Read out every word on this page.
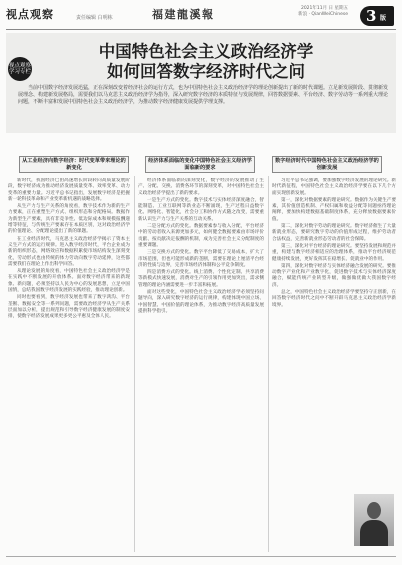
视点观察	责任编辑 白明栋	福建龍溪報	2021年11月 日 星期五
新浪 · QianWeiChinese 3 版
视点观察 学习专栏
中国特色社会主义政治经济学
如何回答数字经济时代之问
当前中国数字经济发展迅猛，正在深刻改变着经济社会的运行方式，也为中国特色社会主义政治经济学的理论创新提出了新的时代课题。立足新发展阶段、贯彻新发展理念、构建新发展格局，需要我们以马克思主义政治经济学为指导，深入研究数字经济的本质特征与发展规律，回答数据要素、平台经济、数字劳动等一系列重大理论问题，不断丰富和发展中国特色社会主义政治经济学，为推动数字经济健康发展提供学理支撑。
从工业经济向数字经济：时代变革带来理论的新变化
经济体系面临的变化中国特色社会主义经济学面临新的要求
数字经济时代中国特色社会主义政治经济学的创新发展

新时代，我国经济已由高速增长阶段转向高质量发展阶段，数字经济成为推动经济发展质量变革、效率变革、动力变革的重要力量。习近平总书记指出，发展数字经济是把握新一轮科技革命和产业变革新机遇的战略选择。

从生产力与生产关系的角度看，数字技术作为新的生产力要素，正在重塑生产方式、组织形态和分配格局。数据作为新型生产要素，具有非竞争性、低边际成本和规模报酬递增等特征，与传统生产要素存在本质区别，这对政治经济学的价值理论、分配理论提出了新的课题。

在工业经济时代，马克思主义政治经济学揭示了资本主义生产方式的运行规律。进入数字经济时代，平台企业成为新的组织形态，网络效应和数据积累使市场结构发生深刻变化，劳动形式也由传统的体力劳动向数字劳动延伸，这些都需要我们在理论上作出科学回答。

从理论发展的角度看，中国特色社会主义政治经济学是在实践中不断发展的开放体系。面对数字经济带来的新现象、新问题，必须坚持以人民为中心的发展思想，立足中国国情，总结我国数字经济发展的实践经验，推动理论创新。

同时也要看到，数字经济发展也带来了数字鸿沟、平台垄断、数据安全等一系列问题，需要政治经济学从生产关系层面加以分析，提出规范和引导数字经济健康发展的制度安排，使数字经济发展成果更多更公平惠及全体人民。

经济体系面临新的深刻变化，数字经济的发展推动了生产、分配、交换、消费各环节的深刻变革，对中国特色社会主义政治经济学提出了新的要求。

一是生产方式的变化。数字技术与实体经济深度融合，智能制造、工业互联网等新业态不断涌现，生产过程日益数字化、网络化、智能化，社会分工和协作方式随之改变，需要重新认识生产力与生产关系的互动关系。

二是分配方式的变化。数据要素参与收入分配，平台经济中的劳动者收入来源更加多元，如何健全数据要素由市场评价贡献、按贡献决定报酬的机制，成为完善社会主义分配制度的重要课题。

三是交换方式的变化。数字平台降低了交易成本，扩大了市场范围，但也可能形成新的垄断，需要在理论上厘清平台经济的性质与边界，完善市场经济体制和公平竞争制度。

四是消费方式的变化。线上消费、个性化定制、共享消费等新模式快速发展，消费对生产的引领作用更加突出，需求侧管理的理论内涵需要进一步丰富和拓展。

面对这些变化，中国特色社会主义政治经济学必须坚持问题导向，深入研究数字经济的运行规律，构建体现中国立场、中国智慧、中国价值的理论体系，为推动数字经济高质量发展提供科学指引。

习近平总书记强调，要加强数字经济发展的理论研究。新时代新征程，中国特色社会主义政治经济学要在以下几个方面实现创新发展。

第一，深化对数据要素的理论研究。数据作为关键生产要素，其价值创造机制、产权归属和收益分配等问题亟待理论阐释，要加快构建数据基础制度体系，充分释放数据要素价值。

第二，深化对数字劳动的理论研究。数字经济催生了大量新就业形态，要研究数字劳动的价值形成过程，维护劳动者合法权益，完善新就业形态劳动者的社会保障。

第三，深化对平台经济的理论研究。要坚持发展和规范并重，构建与数字经济相适应的治理体系，推动平台经济规范健康持续发展，更好发挥其在稳增长、促就业中的作用。

第四，深化对数字经济与实体经济融合发展的研究。要推动数字产业化和产业数字化，促进数字技术与实体经济深度融合，赋能传统产业转型升级，做强做优做大我国数字经济。

总之，中国特色社会主义政治经济学要坚持守正创新，在回答数字经济时代之问中不断开辟马克思主义政治经济学新境界。
